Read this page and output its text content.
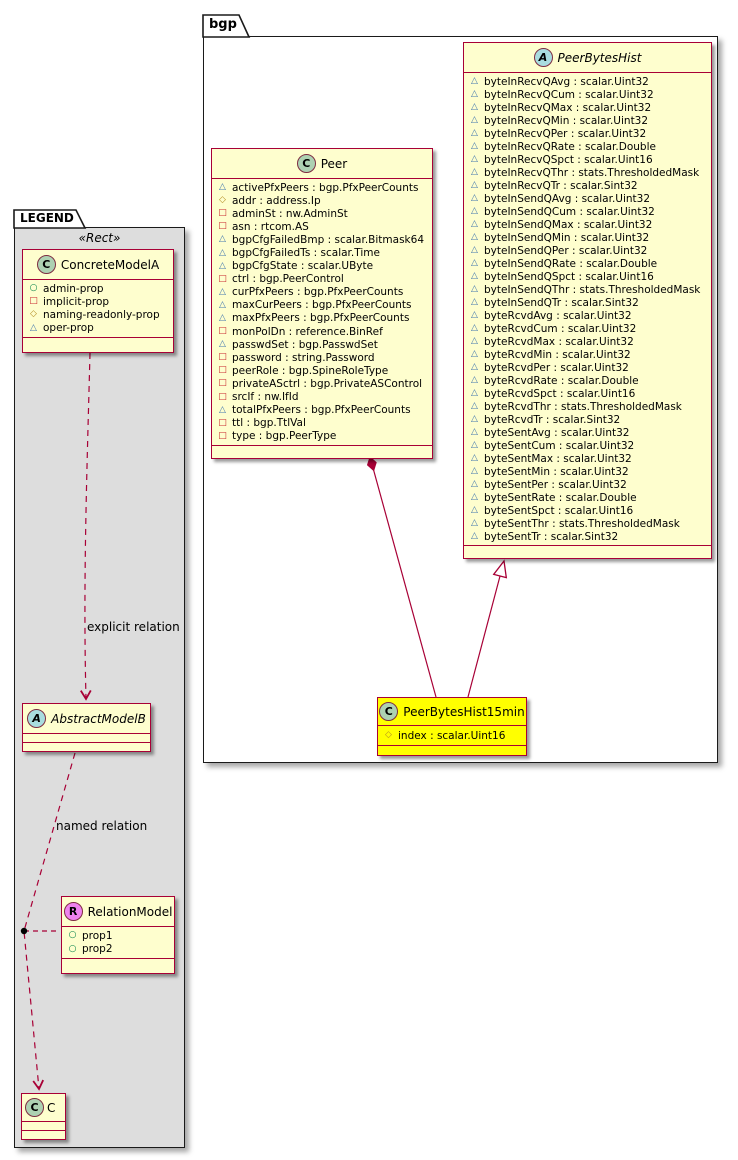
LEGEND
«Rect»
bgp
explicit relation
named relation
C Peer
△ activePfxPeers : bgp.PfxPeerCounts
◇ addr : address.Ip
□ adminSt : nw.AdminSt
□ asn : rtcom.AS
△ bgpCfgFailedBmp : scalar.Bitmask64
△ bgpCfgFailedTs : scalar.Time
△ bgpCfgState : scalar.UByte
□ ctrl : bgp.PeerControl
△ curPfxPeers : bgp.PfxPeerCounts
△ maxCurPeers : bgp.PfxPeerCounts
△ maxPfxPeers : bgp.PfxPeerCounts
□ monPolDn : reference.BinRef
△ passwdSet : bgp.PasswdSet
□ password : string.Password
□ peerRole : bgp.SpineRoleType
□ privateASctrl : bgp.PrivateASControl
□ srcIf : nw.IfId
△ totalPfxPeers : bgp.PfxPeerCounts
□ ttl : bgp.TtlVal
□ type : bgp.PeerType
A PeerBytesHist
△ byteInRecvQAvg : scalar.Uint32
△ byteInRecvQCum : scalar.Uint32
△ byteInRecvQMax : scalar.Uint32
△ byteInRecvQMin : scalar.Uint32
△ byteInRecvQPer : scalar.Uint32
△ byteInRecvQRate : scalar.Double
△ byteInRecvQSpct : scalar.Uint16
△ byteInRecvQThr : stats.ThresholdedMask
△ byteInRecvQTr : scalar.Sint32
△ byteInSendQAvg : scalar.Uint32
△ byteInSendQCum : scalar.Uint32
△ byteInSendQMax : scalar.Uint32
△ byteInSendQMin : scalar.Uint32
△ byteInSendQPer : scalar.Uint32
△ byteInSendQRate : scalar.Double
△ byteInSendQSpct : scalar.Uint16
△ byteInSendQThr : stats.ThresholdedMask
△ byteInSendQTr : scalar.Sint32
△ byteRcvdAvg : scalar.Uint32
△ byteRcvdCum : scalar.Uint32
△ byteRcvdMax : scalar.Uint32
△ byteRcvdMin : scalar.Uint32
△ byteRcvdPer : scalar.Uint32
△ byteRcvdRate : scalar.Double
△ byteRcvdSpct : scalar.Uint16
△ byteRcvdThr : stats.ThresholdedMask
△ byteRcvdTr : scalar.Sint32
△ byteSentAvg : scalar.Uint32
△ byteSentCum : scalar.Uint32
△ byteSentMax : scalar.Uint32
△ byteSentMin : scalar.Uint32
△ byteSentPer : scalar.Uint32
△ byteSentRate : scalar.Double
△ byteSentSpct : scalar.Uint16
△ byteSentThr : stats.ThresholdedMask
△ byteSentTr : scalar.Sint32
C PeerBytesHist15min
◇ index : scalar.Uint16
C ConcreteModelA
○ admin-prop
□ implicit-prop
◇ naming-readonly-prop
△ oper-prop
A AbstractModelB
R RelationModel
○ prop1
○ prop2
C C
